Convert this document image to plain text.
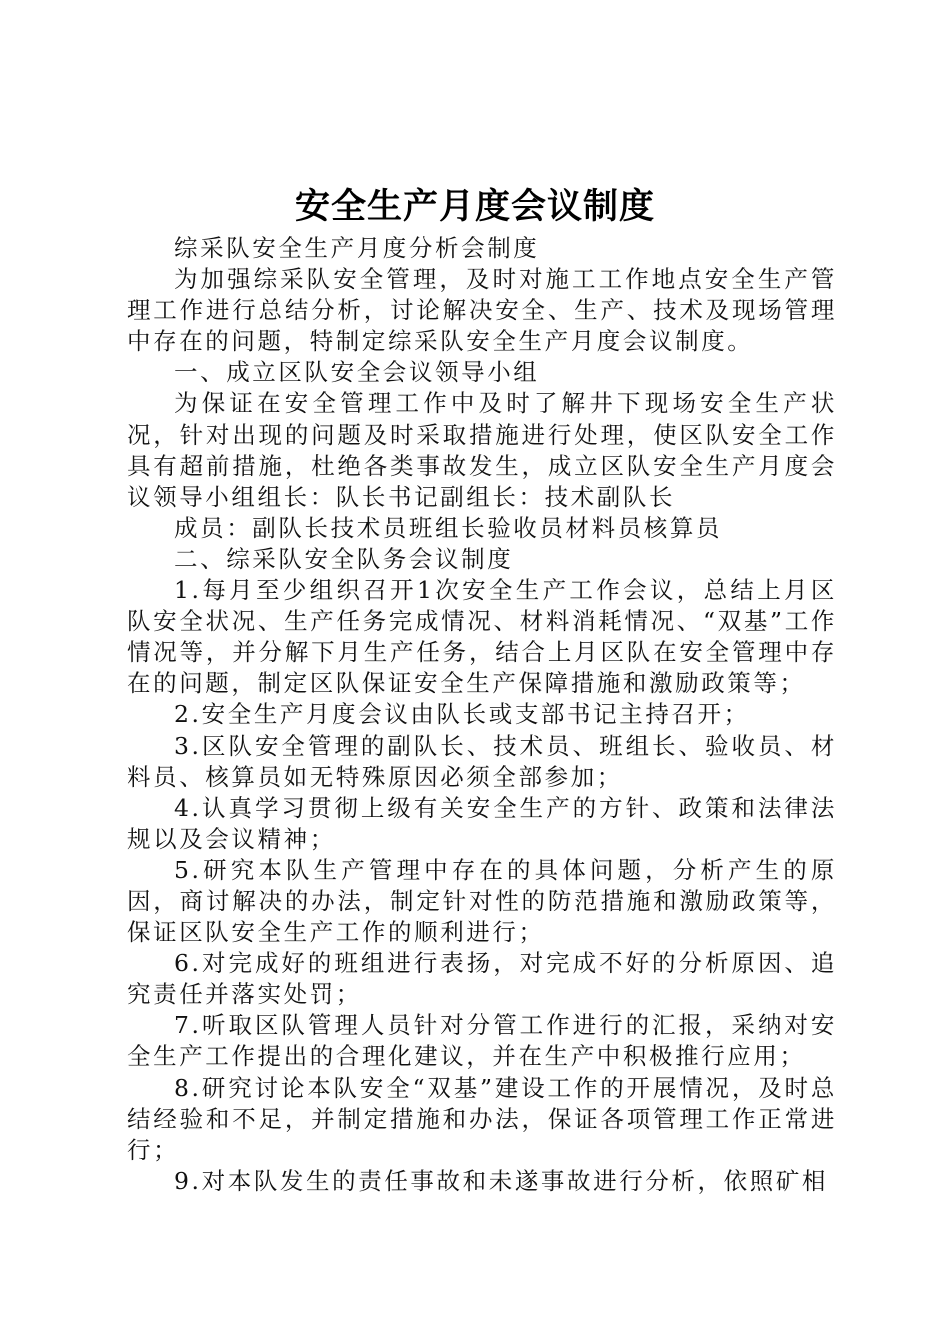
安全生产月度会议制度

综采队安全生产月度分析会制度

为加强综采队安全管理，及时对施工工作地点安全生产管理工作进行总结分析，讨论解决安全、生产、技术及现场管理中存在的问题，特制定综采队安全生产月度会议制度。

一、成立区队安全会议领导小组

为保证在安全管理工作中及时了解井下现场安全生产状况，针对出现的问题及时采取措施进行处理，使区队安全工作具有超前措施，杜绝各类事故发生，成立区队安全生产月度会议领导小组组长：队长书记副组长：技术副队长

成员：副队长技术员班组长验收员材料员核算员

二、综采队安全队务会议制度

1.每月至少组织召开1次安全生产工作会议，总结上月区队安全状况、生产任务完成情况、材料消耗情况、“双基”工作情况等，并分解下月生产任务，结合上月区队在安全管理中存在的问题，制定区队保证安全生产保障措施和激励政策等；

2.安全生产月度会议由队长或支部书记主持召开；

3.区队安全管理的副队长、技术员、班组长、验收员、材料员、核算员如无特殊原因必须全部参加；

4.认真学习贯彻上级有关安全生产的方针、政策和法律法规以及会议精神；

5.研究本队生产管理中存在的具体问题，分析产生的原因，商讨解决的办法，制定针对性的防范措施和激励政策等，保证区队安全生产工作的顺利进行；

6.对完成好的班组进行表扬，对完成不好的分析原因、追究责任并落实处罚；

7.听取区队管理人员针对分管工作进行的汇报，采纳对安全生产工作提出的合理化建议，并在生产中积极推行应用；

8.研究讨论本队安全“双基”建设工作的开展情况，及时总结经验和不足，并制定措施和办法，保证各项管理工作正常进行；

9.对本队发生的责任事故和未遂事故进行分析，依照矿相
